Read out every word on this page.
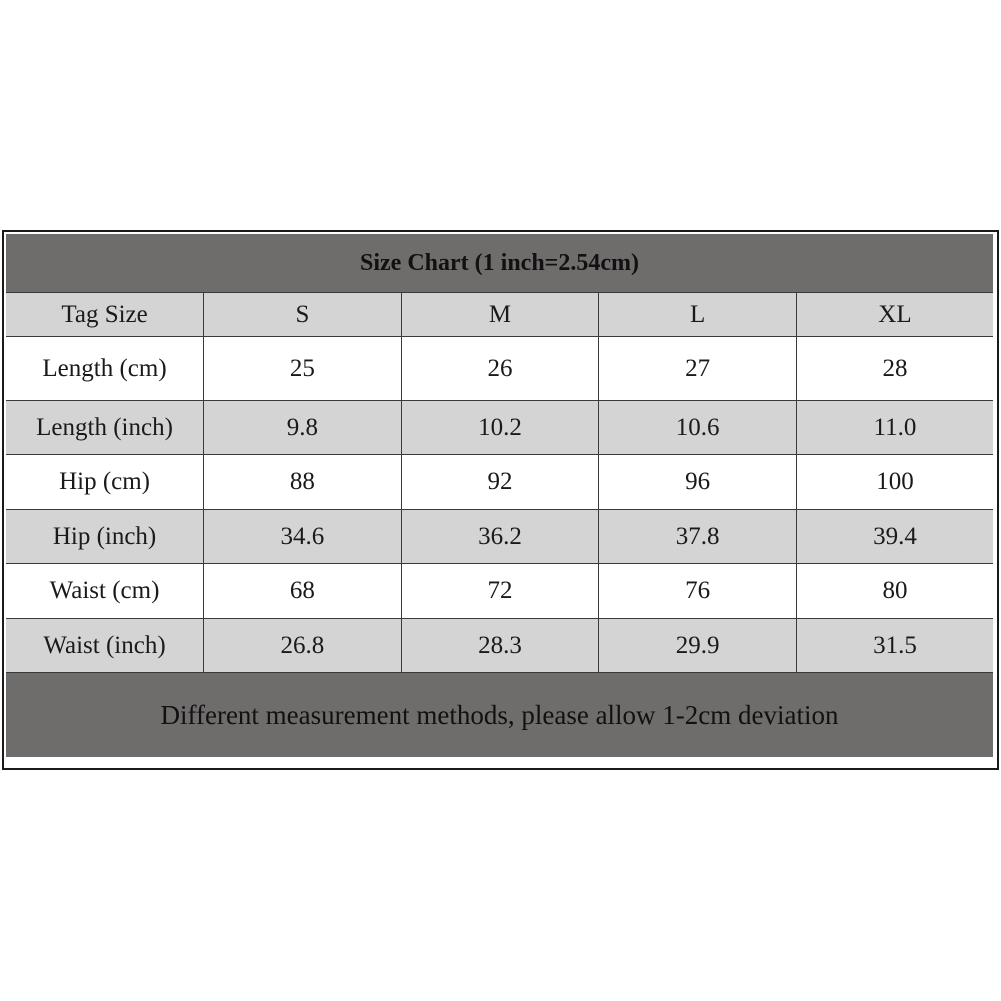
Size Chart (1 inch=2.54cm)				
Tag Size	S	M	L	XL
Length (cm)	25	26	27	28
Length (inch)	9.8	10.2	10.6	11.0
Hip (cm)	88	92	96	100
Hip (inch)	34.6	36.2	37.8	39.4
Waist (cm)	68	72	76	80
Waist (inch)	26.8	28.3	29.9	31.5
Different measurement methods, please allow 1-2cm deviation				
